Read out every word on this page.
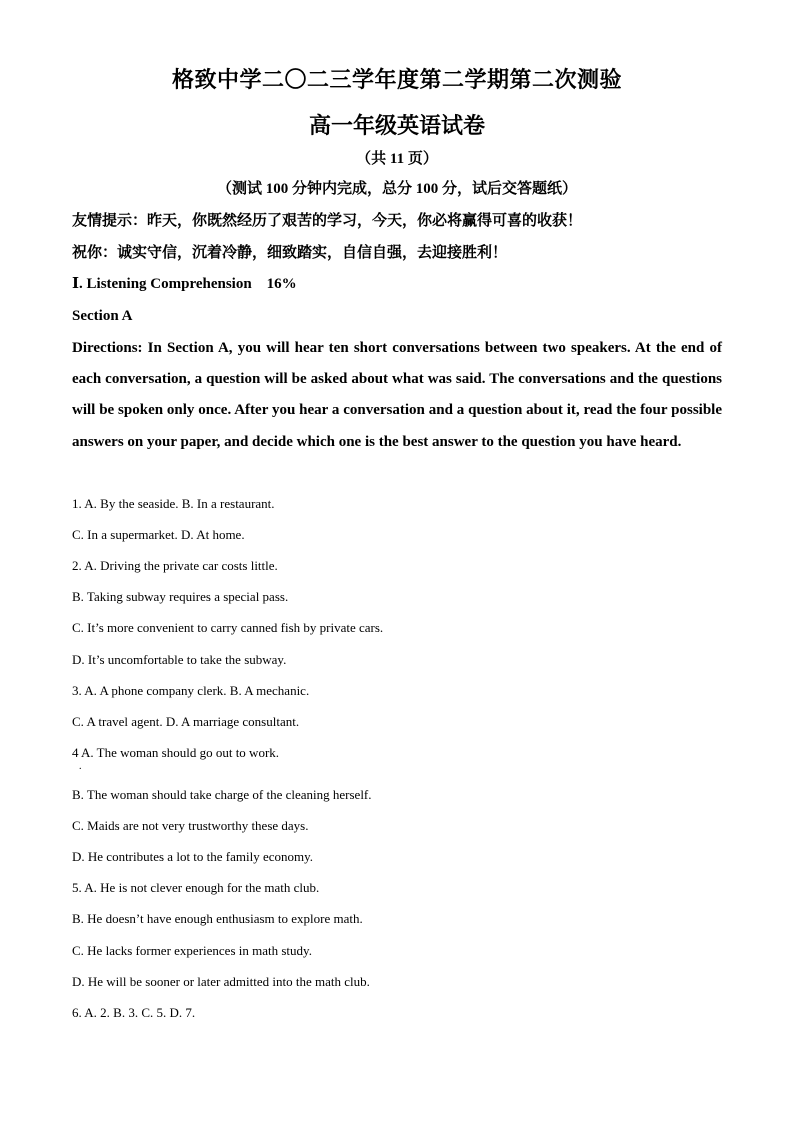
格致中学二〇二三学年度第二学期第二次测验
高一年级英语试卷
（共 11 页）
（测试 100 分钟内完成，总分 100 分，试后交答题纸）
友情提示：昨天，你既然经历了艰苦的学习，今天，你必将赢得可喜的收获！
祝你：诚实守信，沉着冷静，细致踏实，自信自强，去迎接胜利！
Ⅰ. Listening Comprehension　16%
Section A
Directions: In Section A, you will hear ten short conversations between two speakers. At the end of each conversation, a question will be asked about what was said. The conversations and the questions will be spoken only once. After you hear a conversation and a question about it, read the four possible answers on your paper, and decide which one is the best answer to the question you have heard.
1. A. By the seaside. B. In a restaurant.
C. In a supermarket. D. At home.
2. A. Driving the private car costs little.
B. Taking subway requires a special pass.
C. It’s more convenient to carry canned fish by private cars.
D. It’s uncomfortable to take the subway.
3. A. A phone company clerk. B. A mechanic.
C. A travel agent. D. A marriage consultant.
4 A. The woman should go out to work.
.
B. The woman should take charge of the cleaning herself.
C. Maids are not very trustworthy these days.
D. He contributes a lot to the family economy.
5. A. He is not clever enough for the math club.
B. He doesn’t have enough enthusiasm to explore math.
C. He lacks former experiences in math study.
D. He will be sooner or later admitted into the math club.
6. A. 2. B. 3. C. 5. D. 7.
